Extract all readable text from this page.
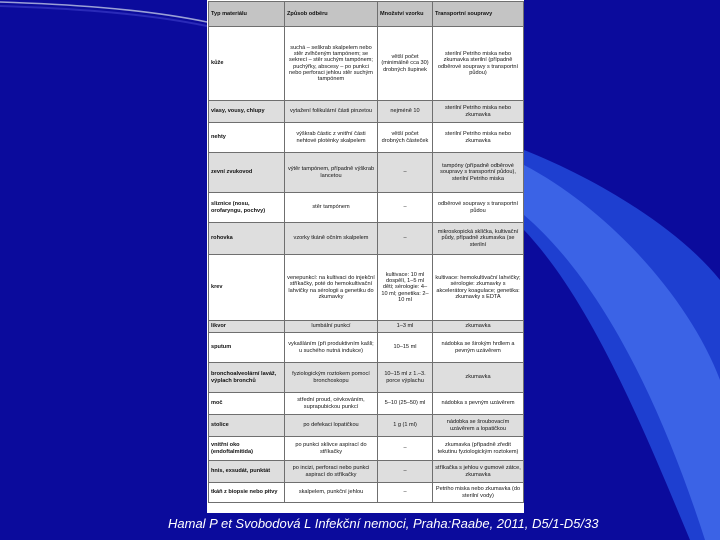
Typ materiálu	Způsob odběru	Množství vzorku	Transportní soupravy
kůže	suchá – seškrab skalpelem nebo stěr zvlhčeným tampónem; se sekrecí – stěr suchým tampónem; puchýřky, abscesy – po punkci nebo perforaci jehlou stěr suchým tampónem	větší počet (minimálně cca 30) drobných šupinek	sterilní Petriho miska nebo zkumavka sterilní (případně odběrové soupravy s transportní půdou)
vlasy, vousy, chlupy	vytažení folikulární části pinzetou	nejméně 10	sterilní Petriho miska nebo zkumavka
nehty	výškrab částic z vnitřní části nehtové ploténky skalpelem	větší počet drobných částeček	sterilní Petriho miska nebo zkumavka
zevní zvukovod	výtěr tampónem, případně výškrab lancetou	–	tampóny (případně odběrové soupravy s transportní půdou), sterilní Petriho miska
sliznice (nosu, orofaryngu, pochvy)	stěr tampónem	–	odběrové soupravy s transportní půdou
rohovka	vzorky tkáně očním skalpelem	–	mikroskopická sklíčka, kultivační půdy, případně zkumavka (se sterilní
krev	venepunkcí: na kultivaci do injekční stříkačky, poté do hemokultivační lahvičky na sérologii a genetiku do zkumavky	kultivace: 10 ml dospělí, 1–5 ml děti; sérologie: 4–10 ml; genetika: 2–10 ml	kultivace: hemokultivační lahvičky; sérologie: zkumavky s akcelerátory koagulace; genetika: zkumavky s EDTA
likvor	lumbální punkcí	1–3 ml	zkumavka
sputum	vykašláním (při produktivním kašli; u suchého nutná indukce)	10–15 ml	nádobka se širokým hrdlem a pevným uzávěrem
bronchoalveolární laváž, výplach bronchů	fyziologickým roztokem pomocí bronchoskopu	10–15 ml z 1.–3. porce výplachu	zkumavka
moč	střední proud, cévkováním, suprapubickou punkcí	5–10 (25–50) ml	nádobka s pevným uzávěrem
stolice	po defekaci lopatičkou	1 g (1 ml)	nádobka se šroubovacím uzávěrem a lopatičkou
vnitřní oko (endoftalmitida)	po punkci sklivce aspirací do stříkačky	–	zkumavka (případně zředit tekutinu fyziologickým roztokem)
hnis, exsudát, punktát	po incizi, perforaci nebo punkci aspirací do stříkačky	–	stříkačka s jehlou v gumové zátce, zkumavka
tkáň z biopsie nebo pitvy	skalpelem, punkční jehlou	–	Petriho miska nebo zkumavka (do sterilní vody)
Hamal P et Svobodová L Infekční nemoci, Praha:Raabe, 2011, D5/1-D5/33
